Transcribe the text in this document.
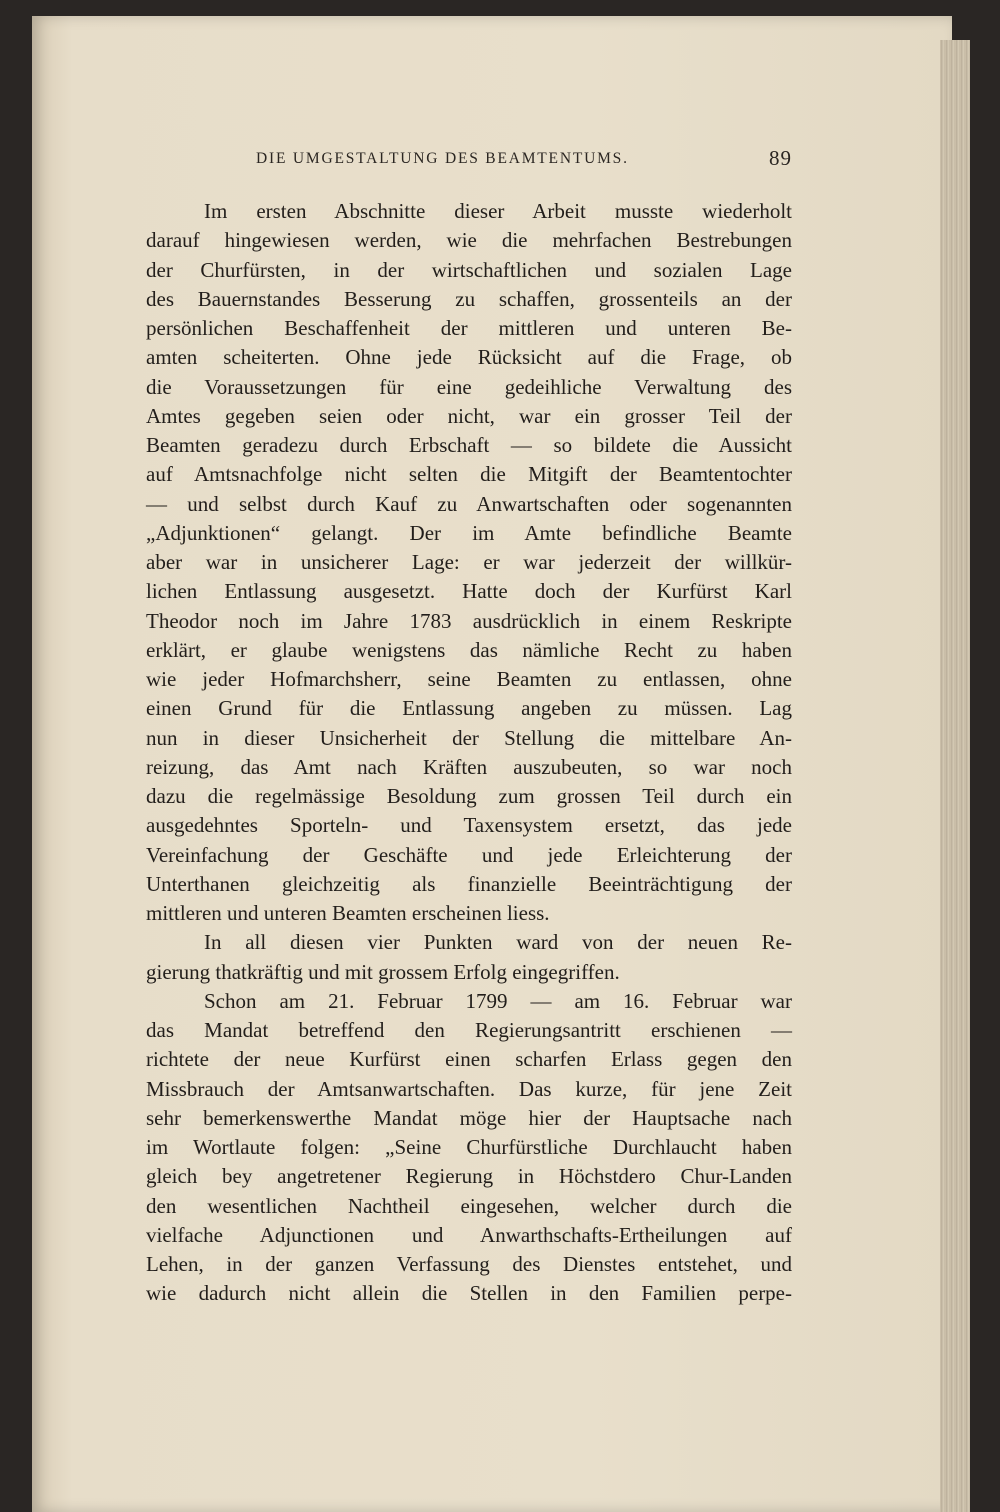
DIE UMGESTALTUNG DES BEAMTENTUMS.	89
Im ersten Abschnitte dieser Arbeit musste wiederholt
darauf hingewiesen werden, wie die mehrfachen Bestrebungen
der Churfürsten, in der wirtschaftlichen und sozialen Lage
des Bauernstandes Besserung zu schaffen, grossenteils an der
persönlichen Beschaffenheit der mittleren und unteren Be-
amten scheiterten. Ohne jede Rücksicht auf die Frage, ob
die Voraussetzungen für eine gedeihliche Verwaltung des
Amtes gegeben seien oder nicht, war ein grosser Teil der
Beamten geradezu durch Erbschaft — so bildete die Aussicht
auf Amtsnachfolge nicht selten die Mitgift der Beamtentochter
— und selbst durch Kauf zu Anwartschaften oder sogenannten
„Adjunktionen“ gelangt. Der im Amte befindliche Beamte
aber war in unsicherer Lage: er war jederzeit der willkür-
lichen Entlassung ausgesetzt. Hatte doch der Kurfürst Karl
Theodor noch im Jahre 1783 ausdrücklich in einem Reskripte
erklärt, er glaube wenigstens das nämliche Recht zu haben
wie jeder Hofmarchsherr, seine Beamten zu entlassen, ohne
einen Grund für die Entlassung angeben zu müssen. Lag
nun in dieser Unsicherheit der Stellung die mittelbare An-
reizung, das Amt nach Kräften auszubeuten, so war noch
dazu die regelmässige Besoldung zum grossen Teil durch ein
ausgedehntes Sporteln- und Taxensystem ersetzt, das jede
Vereinfachung der Geschäfte und jede Erleichterung der
Unterthanen gleichzeitig als finanzielle Beeinträchtigung der
mittleren und unteren Beamten erscheinen liess.
In all diesen vier Punkten ward von der neuen Re-
gierung thatkräftig und mit grossem Erfolg eingegriffen.
Schon am 21. Februar 1799 — am 16. Februar war
das Mandat betreffend den Regierungsantritt erschienen —
richtete der neue Kurfürst einen scharfen Erlass gegen den
Missbrauch der Amtsanwartschaften. Das kurze, für jene Zeit
sehr bemerkenswerthe Mandat möge hier der Hauptsache nach
im Wortlaute folgen: „Seine Churfürstliche Durchlaucht haben
gleich bey angetretener Regierung in Höchstdero Chur-Landen
den wesentlichen Nachtheil eingesehen, welcher durch die
vielfache Adjunctionen und Anwarthschafts-Ertheilungen auf
Lehen, in der ganzen Verfassung des Dienstes entstehet, und
wie dadurch nicht allein die Stellen in den Familien perpe-
